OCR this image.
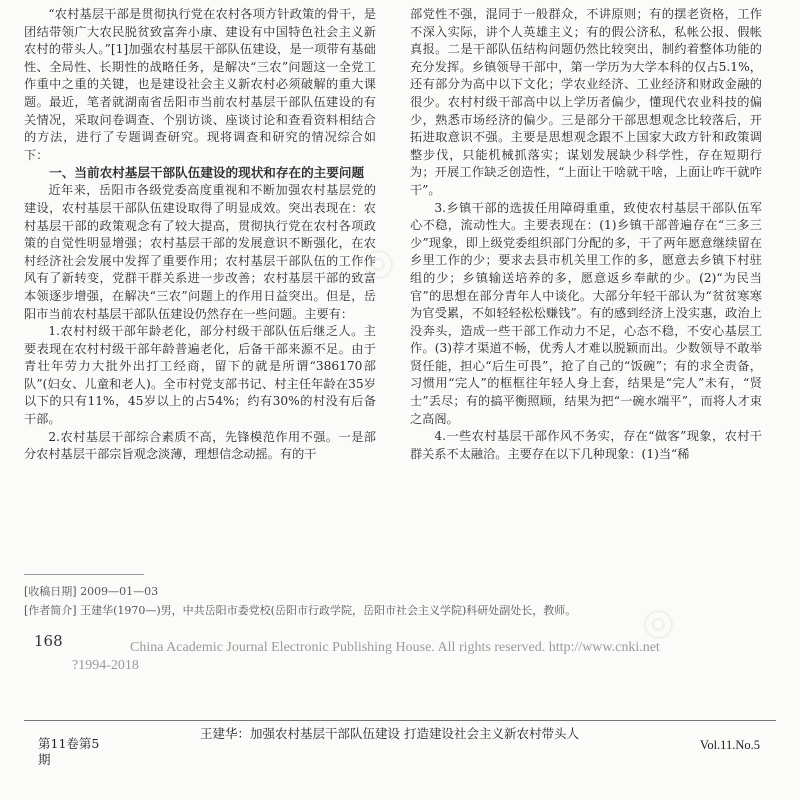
◎
◎

“农村基层干部是贯彻执行党在农村各项方针政策的骨干，是团结带领广大农民脱贫致富奔小康、建设有中国特色社会主义新农村的带头人。”[1]加强农村基层干部队伍建设，是一项带有基础性、全局性、长期性的战略任务，是解决“三农”问题这一全党工作重中之重的关键，也是建设社会主义新农村必须破解的重大课题。最近，笔者就湖南省岳阳市当前农村基层干部队伍建设的有关情况，采取问卷调查、个别访谈、座谈讨论和查看资料相结合的方法，进行了专题调查研究。现将调查和研究的情况综合如下：

一、当前农村基层干部队伍建设的现状和存在的主要问题

近年来，岳阳市各级党委高度重视和不断加强农村基层党的建设，农村基层干部队伍建设取得了明显成效。突出表现在：农村基层干部的政策观念有了较大提高，贯彻执行党在农村各项政策的自觉性明显增强；农村基层干部的发展意识不断强化，在农村经济社会发展中发挥了重要作用；农村基层干部队伍的工作作风有了新转变，党群干群关系进一步改善；农村基层干部的致富本领逐步增强，在解决“三农”问题上的作用日益突出。但是，岳阳市当前农村基层干部队伍建设仍然存在一些问题。主要有：

1.农村村级干部年龄老化，部分村级干部队伍后继乏人。主要表现在农村村级干部年龄普遍老化，后备干部来源不足。由于青壮年劳力大批外出打工经商，留下的就是所谓“386170部队”(妇女、儿童和老人)。全市村党支部书记、村主任年龄在35岁以下的只有11%，45岁以上的占54%；约有30%的村没有后备干部。

2.农村基层干部综合素质不高，先锋模范作用不强。一是部分农村基层干部宗旨观念淡薄，理想信念动摇。有的干

部党性不强，混同于一般群众，不讲原则；有的摆老资格，工作不深入实际，讲个人英雄主义；有的假公济私，私帐公报、假帐真报。二是干部队伍结构问题仍然比较突出，制约着整体功能的充分发挥。乡镇领导干部中，第一学历为大学本科的仅占5.1%，还有部分为高中以下文化；学农业经济、工业经济和财政金融的很少。农村村级干部高中以上学历者偏少，懂现代农业科技的偏少，熟悉市场经济的偏少。三是部分干部思想观念比较落后，开拓进取意识不强。主要是思想观念跟不上国家大政方针和政策调整步伐，只能机械抓落实；谋划发展缺少科学性，存在短期行为；开展工作缺乏创造性，“上面让干啥就干啥，上面让咋干就咋干”。

3.乡镇干部的选拔任用障碍重重，致使农村基层干部队伍军心不稳，流动性大。主要表现在：(1)乡镇干部普遍存在“三多三少”现象，即上级党委组织部门分配的多，干了两年愿意继续留在乡里工作的少；要求去县市机关里工作的多，愿意去乡镇下村驻组的少；乡镇输送培养的多，愿意返乡奉献的少。(2)“为民当官”的思想在部分青年人中谈化。大部分年轻干部认为“贫贫寒寒为官受累，不如轻轻松松赚钱”。有的感到经济上没实惠，政治上没奔头，造成一些干部工作动力不足，心态不稳，不安心基层工作。(3)荐才渠道不畅，优秀人才难以脱颖而出。少数领导不敢举贤任能，担心“后生可畏”，抢了自己的“饭碗”；有的求全责备，习惯用“完人”的框框往年轻人身上套，结果是“完人”未有，“贤士”丢尽；有的搞平衡照顾，结果为把“一碗水端平”，而将人才束之高阁。

4.一些农村基层干部作风不务实，存在“做客”现象，农村干群关系不太融洽。主要存在以下几种现象：(1)当“稀

[收稿日期] 2009—01—03
[作者简介] 王建华(1970—)男，中共岳阳市委党校(岳阳市行政学院，岳阳市社会主义学院)科研处副处长，教师。
168	China Academic Journal Electronic Publishing House. All rights reserved. http://www.cnki.net
?1994-2018
第11卷第5期
王建华：加强农村基层干部队伍建设 打造建设社会主义新农村带头人
Vol.11.No.5
